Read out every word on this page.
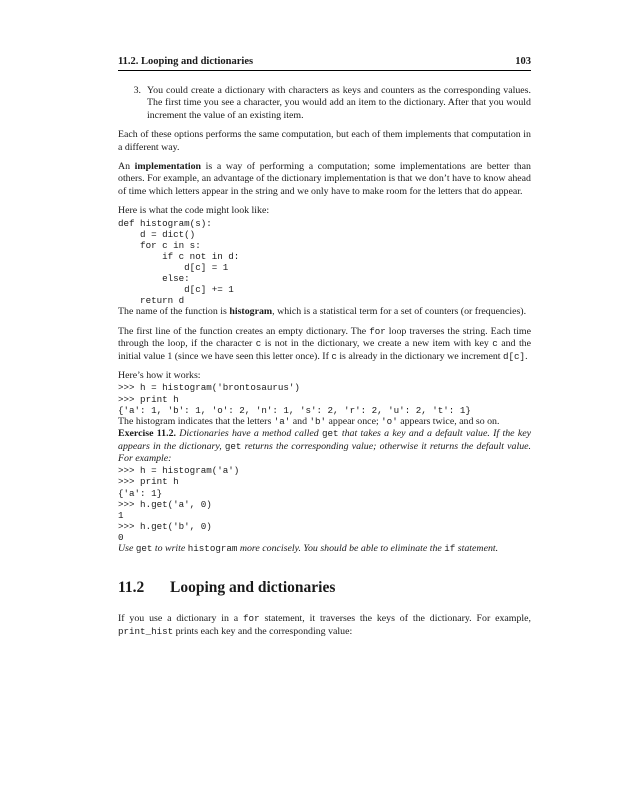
11.2. Looping and dictionaries	103
3. You could create a dictionary with characters as keys and counters as the corresponding values. The first time you see a character, you would add an item to the dictionary. After that you would increment the value of an existing item.

Each of these options performs the same computation, but each of them implements that computation in a different way.

An implementation is a way of performing a computation; some implementations are better than others. For example, an advantage of the dictionary implementation is that we don’t have to know ahead of time which letters appear in the string and we only have to make room for the letters that do appear.

Here is what the code might look like:

def histogram(s):
d = dict()
for c in s:
if c not in d:
d[c] = 1
else:
d[c] += 1
return d

The name of the function is histogram, which is a statistical term for a set of counters (or frequencies).

The first line of the function creates an empty dictionary. The for loop traverses the string. Each time through the loop, if the character c is not in the dictionary, we create a new item with key c and the initial value 1 (since we have seen this letter once). If c is already in the dictionary we increment d[c].

Here’s how it works:

>>> h = histogram('brontosaurus')
>>> print h
{'a': 1, 'b': 1, 'o': 2, 'n': 1, 's': 2, 'r': 2, 'u': 2, 't': 1}

The histogram indicates that the letters 'a' and 'b' appear once; 'o' appears twice, and so on.

Exercise 11.2. Dictionaries have a method called get that takes a key and a default value. If the key appears in the dictionary, get returns the corresponding value; otherwise it returns the default value. For example:

>>> h = histogram('a')
>>> print h
{'a': 1}
>>> h.get('a', 0)
1
>>> h.get('b', 0)
0

Use get to write histogram more concisely. You should be able to eliminate the if statement.

11.2	Looping and dictionaries

If you use a dictionary in a for statement, it traverses the keys of the dictionary. For example, print_hist prints each key and the corresponding value:
